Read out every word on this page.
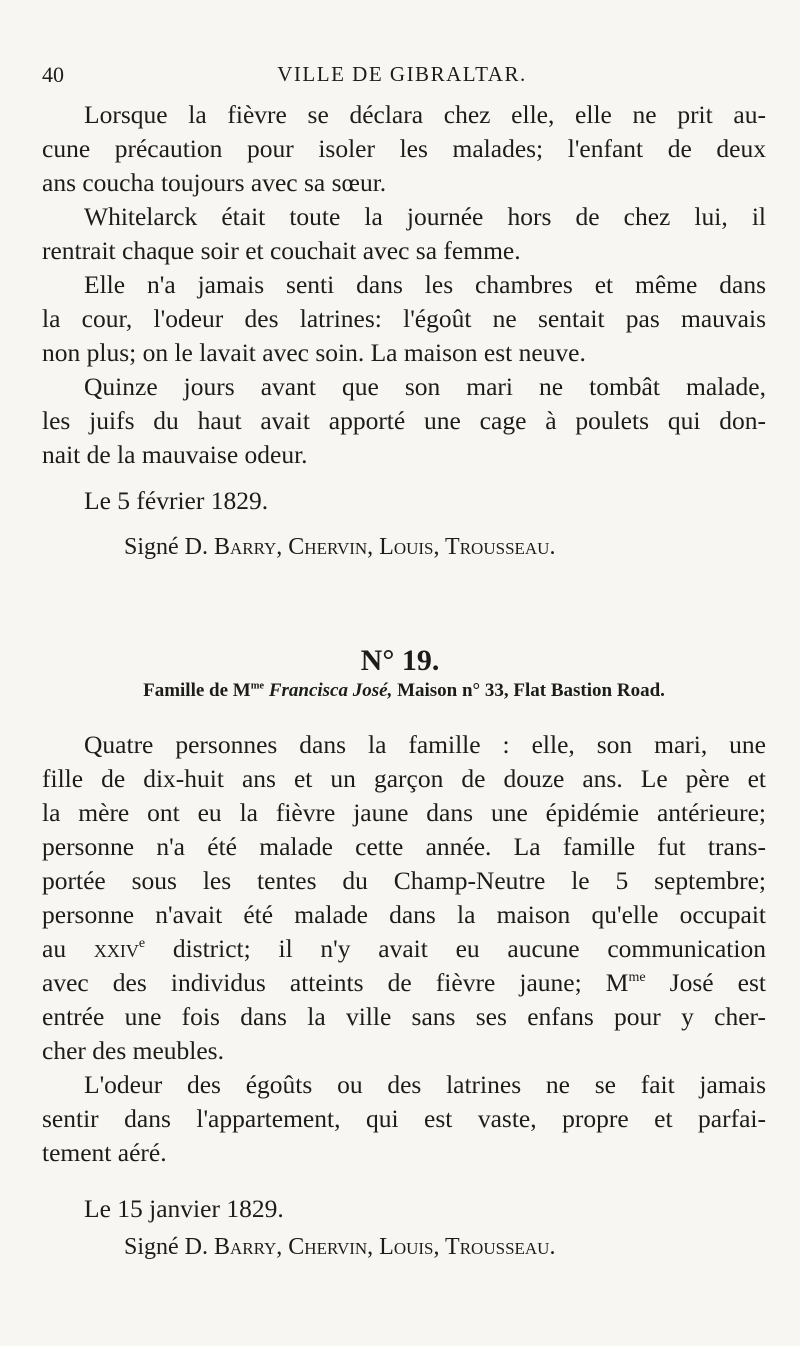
40	VILLE DE GIBRALTAR.
Lorsque la fièvre se déclara chez elle, elle ne prit au-
cune précaution pour isoler les malades; l'enfant de deux
ans coucha toujours avec sa sœur.
Whitelarck était toute la journée hors de chez lui, il
rentrait chaque soir et couchait avec sa femme.
Elle n'a jamais senti dans les chambres et même dans
la cour, l'odeur des latrines: l'égoût ne sentait pas mauvais
non plus; on le lavait avec soin. La maison est neuve.
Quinze jours avant que son mari ne tombât malade,
les juifs du haut avait apporté une cage à poulets qui don-
nait de la mauvaise odeur.
Le 5 février 1829.
Signé D. Barry, Chervin, Louis, Trousseau.
N° 19.
Famille de $M^{me}$ Francisca José, Maison n° 33, Flat Bastion Road.
Quatre personnes dans la famille : elle, son mari, une
fille de dix-huit ans et un garçon de douze ans. Le père et
la mère ont eu la fièvre jaune dans une épidémie antérieure;
personne n'a été malade cette année. La famille fut trans-
portée sous les tentes du Champ-Neutre le 5 septembre;
personne n'avait été malade dans la maison qu'elle occupait
au xxiv$^e$ district; il n'y avait eu aucune communication
avec des individus atteints de fièvre jaune; $M^{me}$ José est
entrée une fois dans la ville sans ses enfans pour y cher-
cher des meubles.
L'odeur des égoûts ou des latrines ne se fait jamais
sentir dans l'appartement, qui est vaste, propre et parfai-
tement aéré.
Le 15 janvier 1829.
Signé D. Barry, Chervin, Louis, Trousseau.
